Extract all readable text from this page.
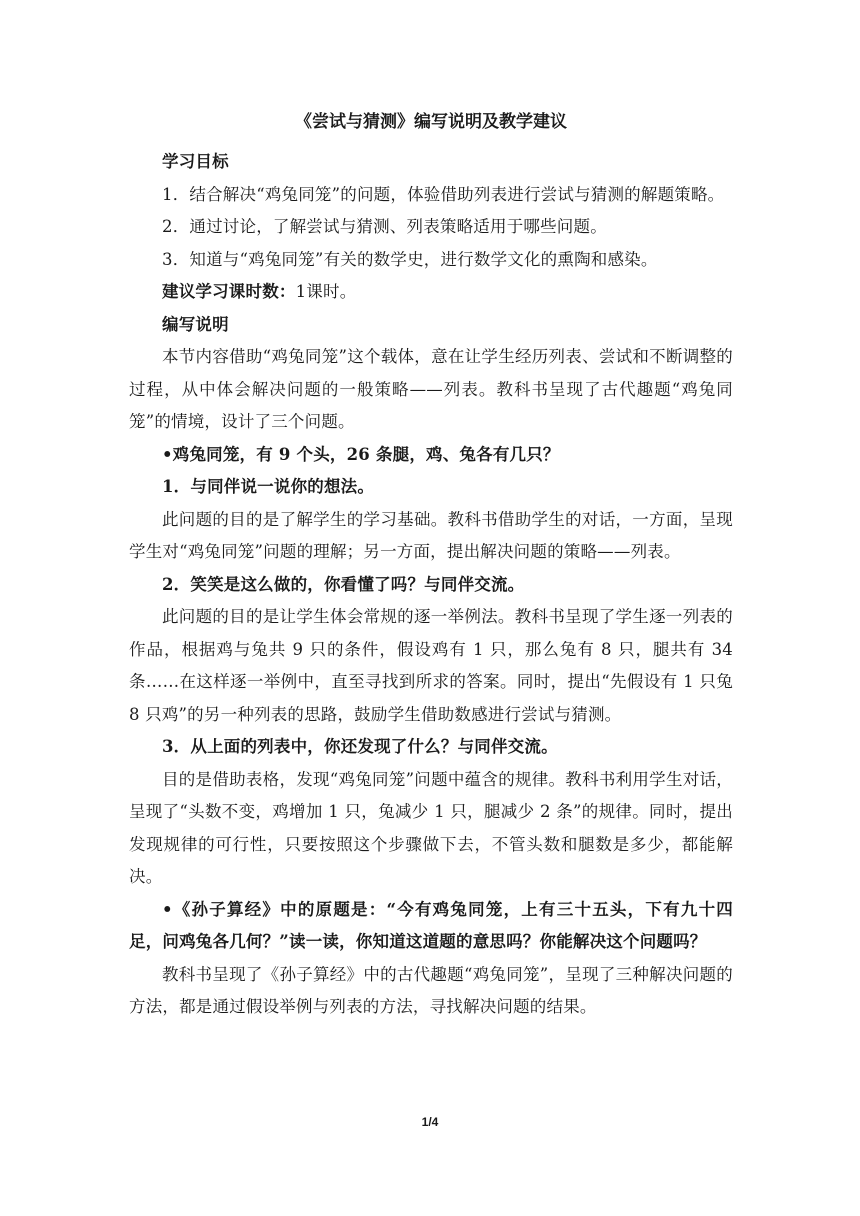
《尝试与猜测》编写说明及教学建议

学习目标

1．结合解决“鸡兔同笼”的问题，体验借助列表进行尝试与猜测的解题策略。

2．通过讨论，了解尝试与猜测、列表策略适用于哪些问题。

3．知道与“鸡兔同笼”有关的数学史，进行数学文化的熏陶和感染。

建议学习课时数：1课时。

编写说明

本节内容借助“鸡兔同笼”这个载体，意在让学生经历列表、尝试和不断调整的过程，从中体会解决问题的一般策略——列表。教科书呈现了古代趣题“鸡兔同笼”的情境，设计了三个问题。

•鸡兔同笼，有 9 个头，26 条腿，鸡、兔各有几只？

1．与同伴说一说你的想法。

此问题的目的是了解学生的学习基础。教科书借助学生的对话，一方面，呈现学生对“鸡兔同笼”问题的理解；另一方面，提出解决问题的策略——列表。

2．笑笑是这么做的，你看懂了吗？与同伴交流。

此问题的目的是让学生体会常规的逐一举例法。教科书呈现了学生逐一列表的作品，根据鸡与兔共 9 只的条件，假设鸡有 1 只，那么兔有 8 只，腿共有 34 条……在这样逐一举例中，直至寻找到所求的答案。同时，提出“先假设有 1 只兔 8 只鸡”的另一种列表的思路，鼓励学生借助数感进行尝试与猜测。

3．从上面的列表中，你还发现了什么？与同伴交流。

目的是借助表格，发现“鸡兔同笼”问题中蕴含的规律。教科书利用学生对话，呈现了“头数不变，鸡增加 1 只，兔减少 1 只，腿减少 2 条”的规律。同时，提出发现规律的可行性，只要按照这个步骤做下去，不管头数和腿数是多少，都能解决。

•《孙子算经》中的原题是：“今有鸡兔同笼，上有三十五头，下有九十四足，问鸡兔各几何？”读一读，你知道这道题的意思吗？你能解决这个问题吗？

教科书呈现了《孙子算经》中的古代趣题“鸡兔同笼”，呈现了三种解决问题的方法，都是通过假设举例与列表的方法，寻找解决问题的结果。

1/4
